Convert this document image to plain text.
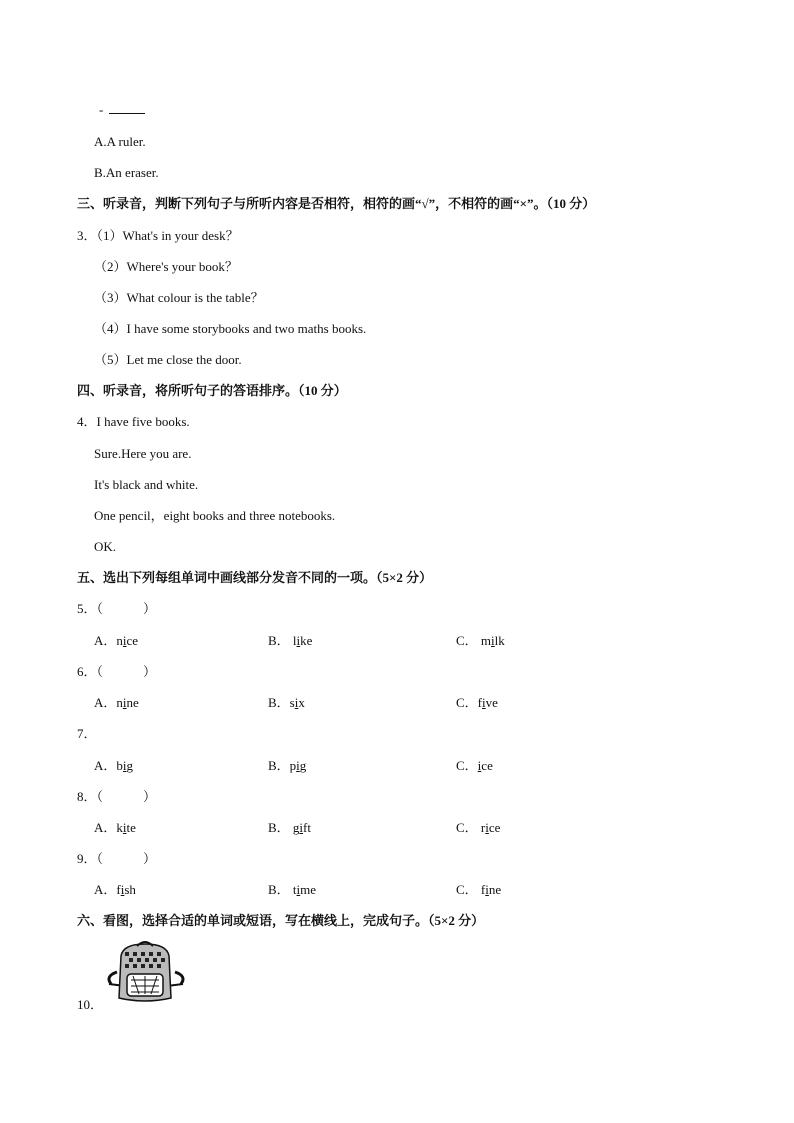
-
A.A ruler.
B.An eraser.
三、听录音，判断下列句子与所听内容是否相符，相符的画“√”，不相符的画“×”。（10 分）
3．（1）What's in your desk？
（2）Where's your book？
（3）What colour is the table？
（4）I have some storybooks and two maths books.
（5）Let me close the door.
四、听录音，将所听句子的答语排序。（10 分）
4．I have five books.
Sure.Here you are.
It's black and white.
One pencil，eight books and three notebooks.
OK.
五、选出下列每组单词中画线部分发音不同的一项。（5×2 分）
5．（	）
A．nice	B． like	C． milk
6．（	）
A．nine	B．six	C．five
7．
A．big	B．pig	C．ice
8．（	）
A．kite	B． gift	C． rice
9．（	）
A．fish	B． time	C． fine
六、看图，选择合适的单词或短语，写在横线上，完成句子。（5×2 分）
10．
